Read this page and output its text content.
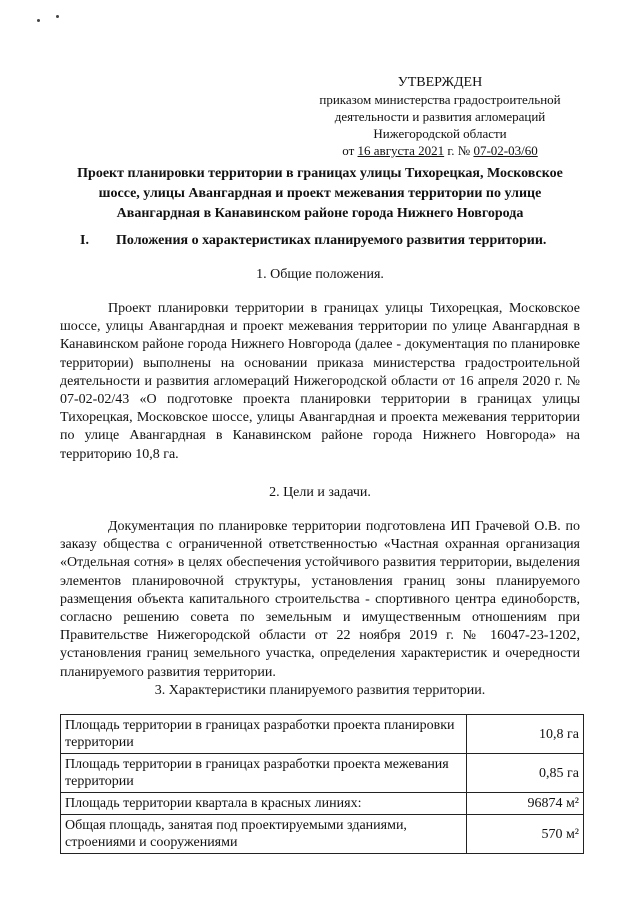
УТВЕРЖДЕН
приказом министерства градостроительной
деятельности и развития агломераций
Нижегородской области
от 16 августа 2021 г. № 07-02-03/60
Проект планировки территории в границах улицы Тихорецкая, Московское шоссе, улицы Авангардная и проект межевания территории по улице Авангардная в Канавинском районе города Нижнего Новгорода
I. Положения о характеристиках планируемого развития территории.
1. Общие положения.
Проект планировки территории в границах улицы Тихорецкая, Московское шоссе, улицы Авангардная и проект межевания территории по улице Авангардная в Канавинском районе города Нижнего Новгорода (далее - документация по планировке территории) выполнены на основании приказа министерства градостроительной деятельности и развития агломераций Нижегородской области от 16 апреля 2020 г. № 07-02-02/43 «О подготовке проекта планировки территории в границах улицы Тихорецкая, Московское шоссе, улицы Авангардная и проекта межевания территории по улице Авангардная в Канавинском районе города Нижнего Новгорода» на территорию 10,8 га.
2. Цели и задачи.
Документация по планировке территории подготовлена ИП Грачевой О.В. по заказу общества с ограниченной ответственностью «Частная охранная организация «Отдельная сотня» в целях обеспечения устойчивого развития территории, выделения элементов планировочной структуры, установления границ зоны планируемого размещения объекта капитального строительства - спортивного центра единоборств, согласно решению совета по земельным и имущественным отношениям при Правительстве Нижегородской области от 22 ноября 2019 г. № 16047-23-1202, установления границ земельного участка, определения характеристик и очередности планируемого развития территории.
3. Характеристики планируемого развития территории.
Площадь территории в границах разработки проекта планировки территории	10,8 га
Площадь территории в границах разработки проекта межевания территории	0,85 га
Площадь территории квартала в красных линиях:	96874 м²
Общая площадь, занятая под проектируемыми зданиями, строениями и сооружениями	570 м²
